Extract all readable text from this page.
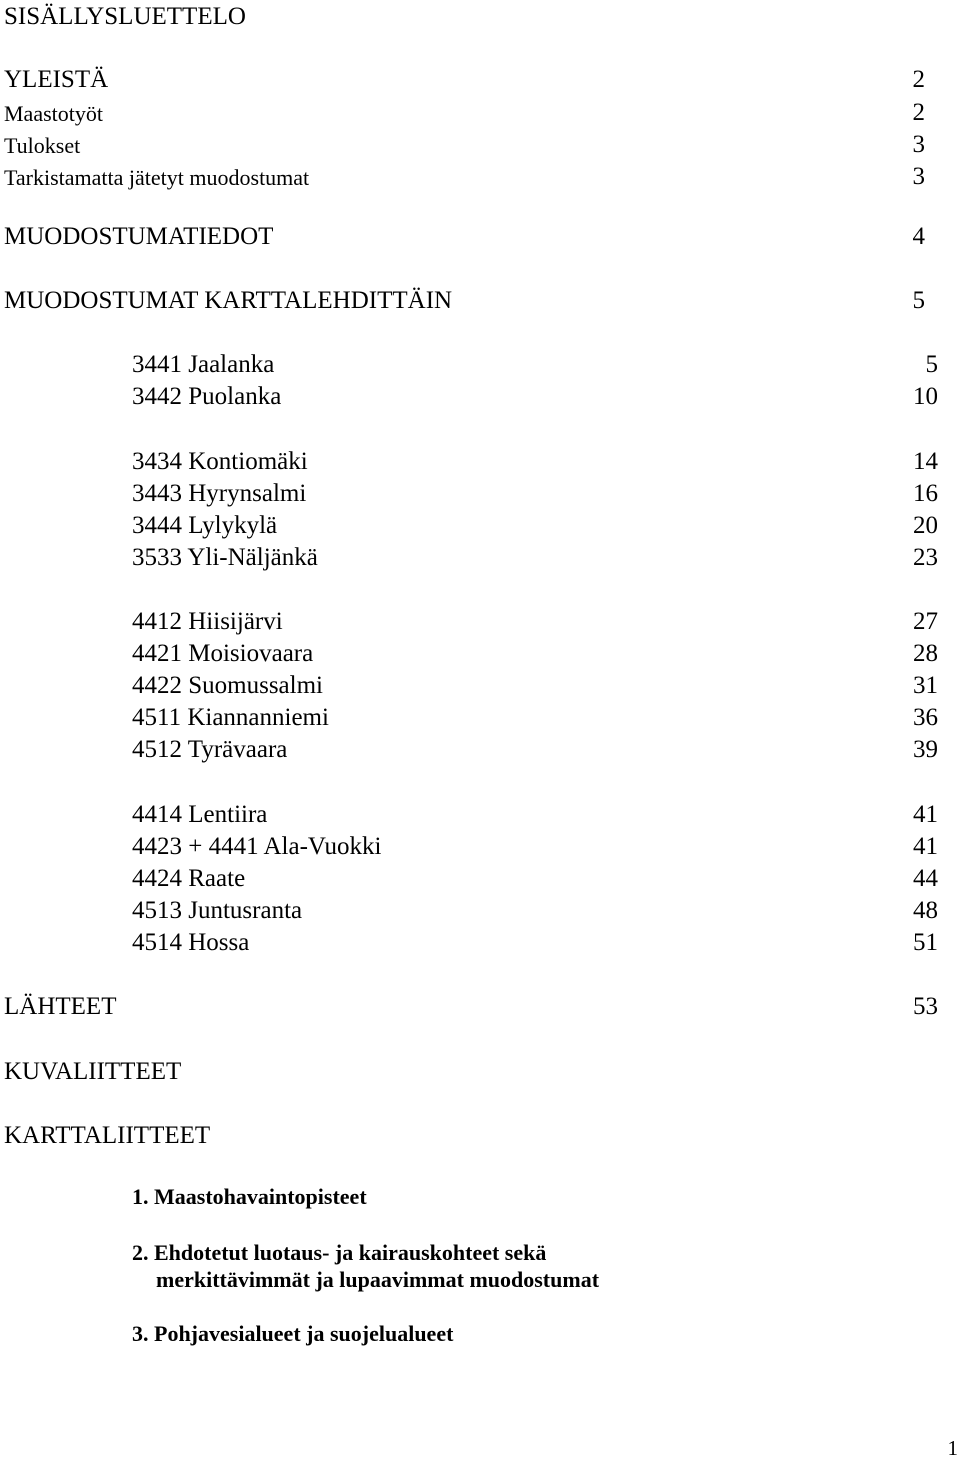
SISÄLLYSLUETTELO
YLEISTÄ	2
Maastotyöt	2
Tulokset	3
Tarkistamatta jätetyt muodostumat	3
MUODOSTUMATIEDOT	4
MUODOSTUMAT KARTTALEHDITTÄIN	5
3441 Jaalanka	5
3442 Puolanka	10
3434 Kontiomäki	14
3443 Hyrynsalmi	16
3444 Lylykylä	20
3533 Yli-Näljänkä	23
4412 Hiisijärvi	27
4421 Moisiovaara	28
4422 Suomussalmi	31
4511 Kiannanniemi	36
4512 Tyrävaara	39
4414 Lentiira	41
4423 + 4441 Ala-Vuokki	41
4424 Raate	44
4513 Juntusranta	48
4514 Hossa	51
LÄHTEET	53
KUVALIITTEET
KARTTALIITTEET
1. Maastohavaintopisteet
2. Ehdotetut luotaus- ja kairauskohteet sekä
merkittävimmät ja lupaavimmat muodostumat
3. Pohjavesialueet ja suojelualueet
1
